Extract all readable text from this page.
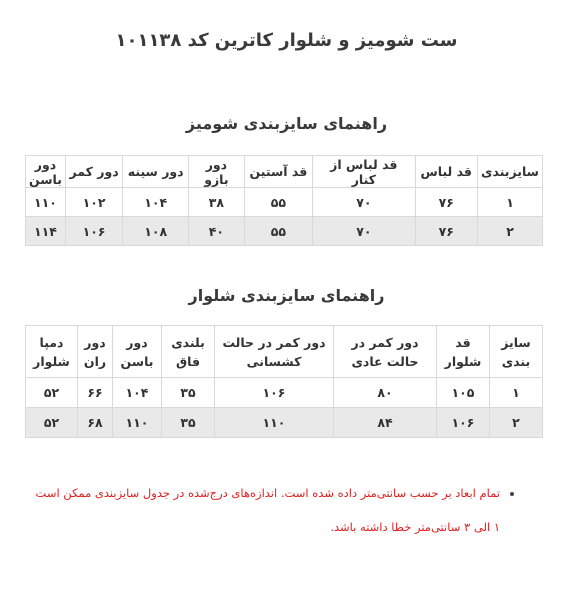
ست شومیز و شلوار کاترین کد ۱۰۱۱۳۸
راهنمای سایزبندی شومیز
سایزبندی	قد لباس	قد لباس از کنار	قد آستین	دور بازو	دور سینه	دور کمر	دور باسن
۱	۷۶	۷۰	۵۵	۳۸	۱۰۴	۱۰۲	۱۱۰
۲	۷۶	۷۰	۵۵	۴۰	۱۰۸	۱۰۶	۱۱۴
راهنمای سایزبندی شلوار
سایز بندی	قد شلوار	دور کمر در حالت عادی	دور کمر در حالت کشسانی	بلندی فاق	دور باسن	دور ران	دمپا شلوار
۱	۱۰۵	۸۰	۱۰۶	۳۵	۱۰۴	۶۶	۵۲
۲	۱۰۶	۸۴	۱۱۰	۳۵	۱۱۰	۶۸	۵۲
• تمام ابعاد بر حسب سانتی‌متر داده شده است. اندازه‌های درج‌شده در جدول سایزبندی ممکن است ۱ الی ۳ سانتی‌متر خطا داشته باشد.
